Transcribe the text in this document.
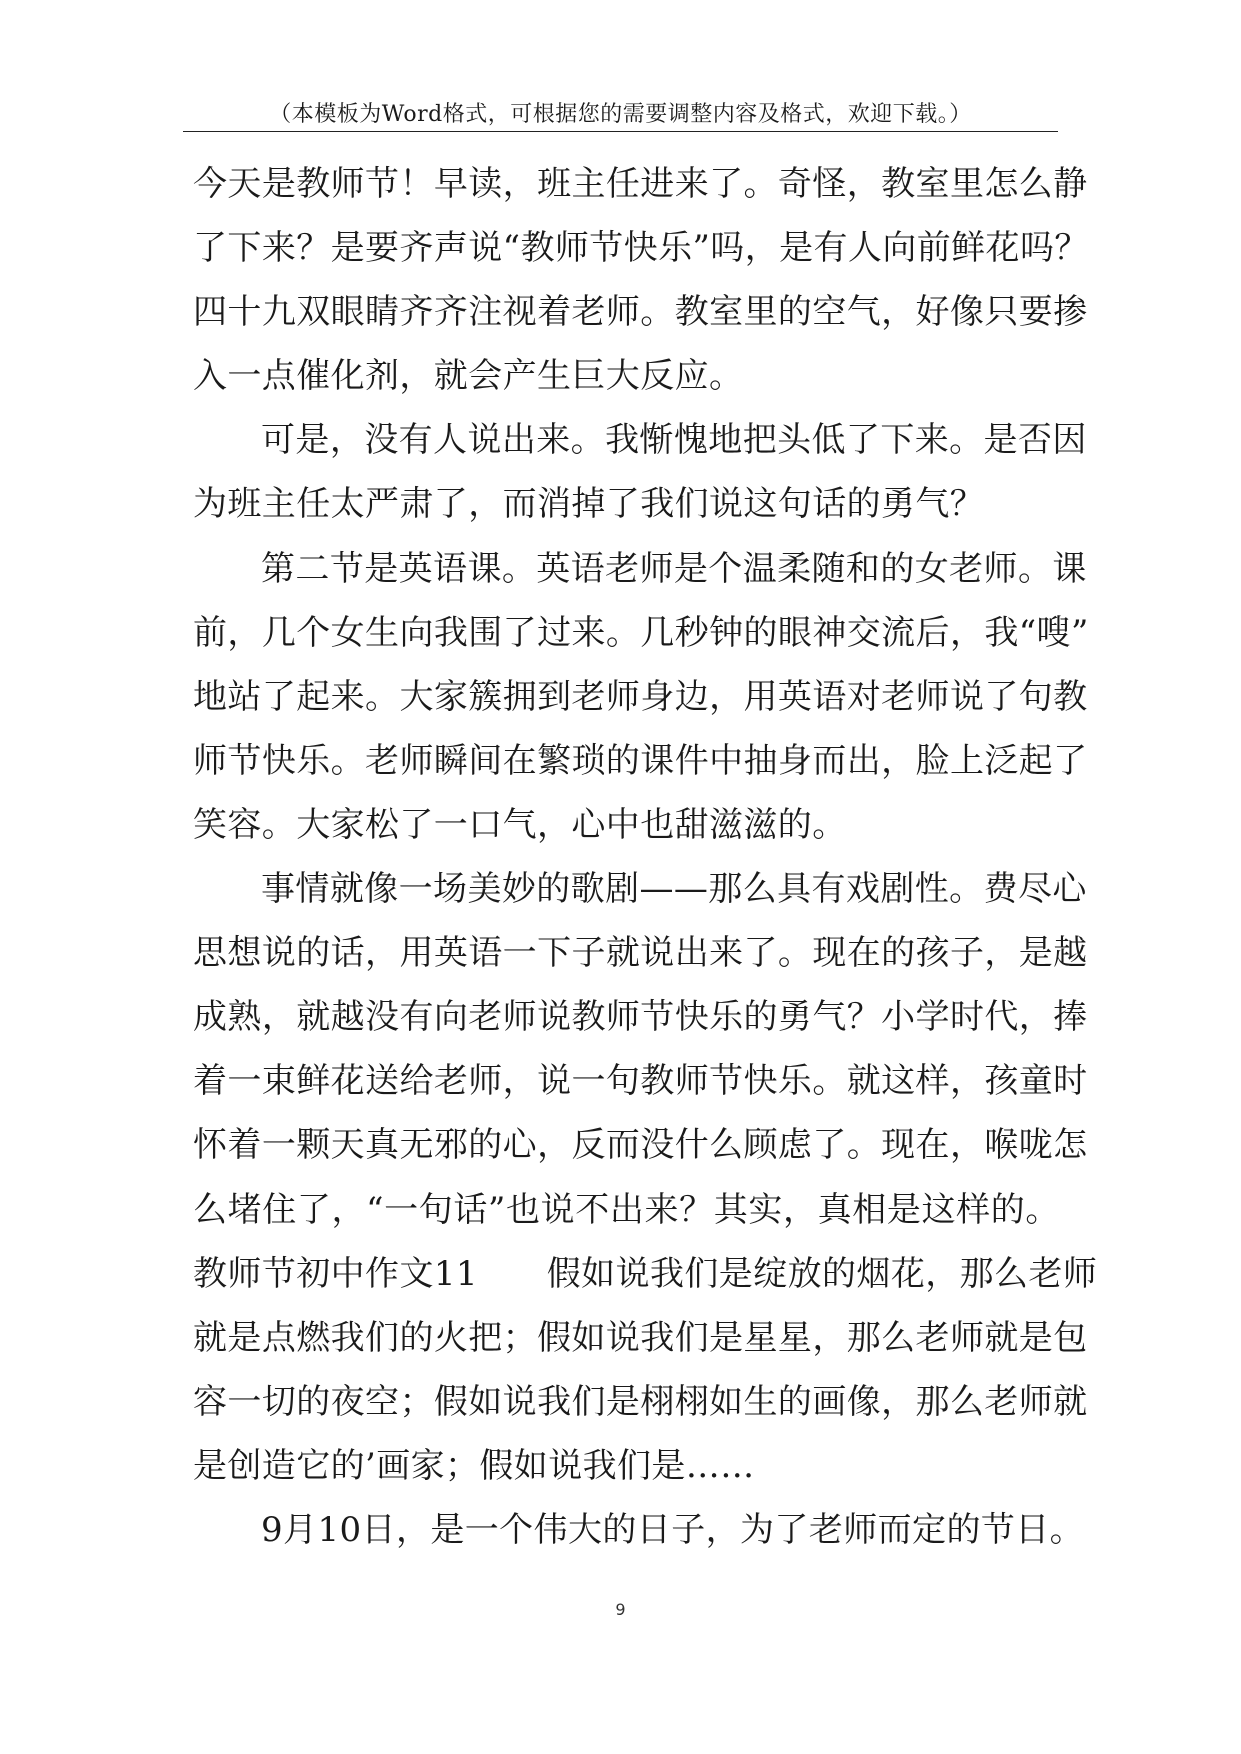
（本模板为Word格式，可根据您的需要调整内容及格式，欢迎下载。）
今 天 是 教 师 节 ！ 早 读 ， 班 主 任 进 来 了 。 奇 怪 ， 教 室 里 怎 么 静
了 下 来 ？ 是 要 齐 声 说 “ 教 师 节 快 乐 ” 吗 ， 是 有 人 向 前 鲜 花 吗 ？
四 十 九 双 眼 睛 齐 齐 注 视 着 老 师 。 教 室 里 的 空 气 ， 好 像 只 要 掺
入一点催化剂，就会产生巨大反应。
可 是 ， 没 有 人 说 出 来 。 我 惭 愧 地 把 头 低 了 下 来 。 是 否 因
为班主任太严肃了，而消掉了我们说这句话的勇气？
第 二 节 是 英 语 课 。 英 语 老 师 是 个 温 柔 随 和 的 女 老 师 。 课
前 ， 几 个 女 生 向 我 围 了 过 来 。 几 秒 钟 的 眼 神 交 流 后 ， 我 “ 嗖 ”
地 站 了 起 来 。 大 家 簇 拥 到 老 师 身 边 ， 用 英 语 对 老 师 说 了 句 教
师 节 快 乐 。 老 师 瞬 间 在 繁 琐 的 课 件 中 抽 身 而 出 ， 脸 上 泛 起 了
笑容。大家松了一口气，心中也甜滋滋的。
事 情 就 像 一 场 美 妙 的 歌 剧 — — 那 么 具 有 戏 剧 性 。 费 尽 心
思 想 说 的 话 ， 用 英 语 一 下 子 就 说 出 来 了 。 现 在 的 孩 子 ， 是 越
成 熟 ， 就 越 没 有 向 老 师 说 教 师 节 快 乐 的 勇 气 ？ 小 学 时 代 ， 捧
着 一 束 鲜 花 送 给 老 师 ， 说 一 句 教 师 节 快 乐 。 就 这 样 ， 孩 童 时
怀 着 一 颗 天 真 无 邪 的 心 ， 反 而 没 什 么 顾 虑 了 。 现 在 ， 喉 咙 怎
么 堵 住 了 ， “ 一 句 话 ” 也 说 不 出 来 ？ 其 实 ， 真 相 是 这 样 的 。
教 师 节 初 中 作 文 1 1

　 假 如 说 我 们 是 绽 放 的 烟 花 ， 那 么 老 师
就 是 点 燃 我 们 的 火 把 ； 假 如 说 我 们 是 星 星 ， 那 么 老 师 就 是 包
容 一 切 的 夜 空 ； 假 如 说 我 们 是 栩 栩 如 生 的 画 像 ， 那 么 老 师 就
是创造它的’画家；假如说我们是……
9 月 1 0 日 ， 是 一 个 伟 大 的 日 子 ， 为 了 老 师 而 定 的 节 日 。
9
